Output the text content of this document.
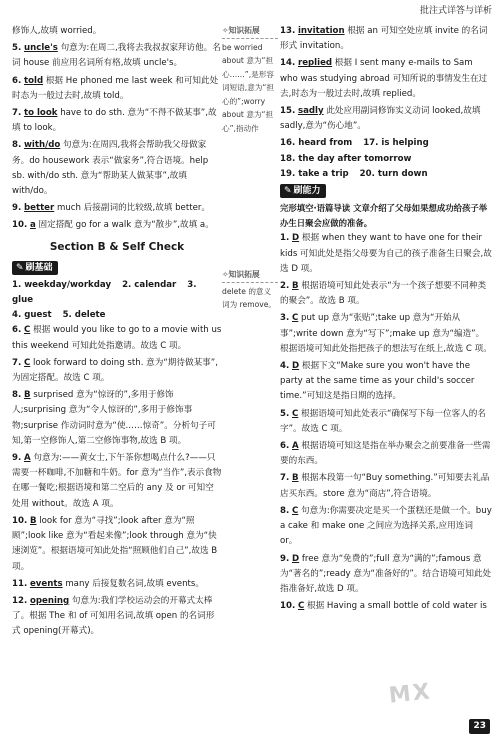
批注式详答与详析
修饰人,故填 worried。
5. uncle's 句意为:在周二,我将去我叔叔家拜访他。名词 house 前应用名词所有格,故填 uncle's。
6. told 根据 He phoned me last week 和可知此处时态为一般过去时,故填 told。
7. to look have to do sth. 意为“不得不做某事”,故填 to look。
8. with/do 句意为:在周四,我将会帮助我父母做家务。do housework 表示“做家务”,符合语境。help sb. with/do sth. 意为“帮助某人做某事”,故填 with/do。
9. better much 后接副词的比较级,故填 better。
10. a 固定搭配 go for a walk 意为“散步”,故填 a。
Section B & Self Check
✎ 刷基础
1. weekday/workday 2. calendar 3. glue
4. guest 5. delete
6. C 根据 would you like to go to a movie with us this weekend 可知此处指邀请。故选 C 项。
7. C look forward to doing sth. 意为“期待做某事”,为固定搭配。故选 C 项。
8. B surprised 意为“惊讶的”,多用于修饰人;surprising 意为“令人惊讶的”,多用于修饰事物;surprise 作动词时意为“使……惊奇”。分析句子可知,第一空修饰人,第二空修饰事物,故选 B 项。
9. A 句意为:——黄女士,下午茶你想喝点什么?——只需要一杯咖啡,不加糖和牛奶。for 意为“当作”,表示食物在哪一餐吃;根据语境和第二空后的 any 及 or 可知空处用 without。故选 A 项。
10. B look for 意为“寻找”;look after 意为“照顾”;look like 意为“看起来像”;look through 意为“快速浏览”。根据语境可知此处指“照顾他们自己”,故选 B 项。
11. events many 后接复数名词,故填 events。
12. opening 句意为:我们学校运动会的开幕式太棒了。根据 The 和 of 可知用名词,故填 open 的名词形式 opening(开幕式)。
✧知识拓展
be worried about 意为“担心……”,是形容词短语,意为“担心的”;worry about 意为“担心”,指动作
✧知识拓展
delete 的意义词为 remove。
13. invitation 根据 an 可知空处应填 invite 的名词形式 invitation。
14. replied 根据 I sent many e-mails to Sam who was studying abroad 可知所说的事情发生在过去,时态为一般过去时,故填 replied。
15. sadly 此处应用副词修饰实义动词 looked,故填 sadly,意为“伤心地”。
16. heard from 17. is helping
18. the day after tomorrow
19. take a trip 20. turn down
✎ 刷能力
完形填空·语篇导读 文章介绍了父母如果想成功给孩子举办生日聚会应做的准备。
1. D 根据 when they want to have one for their kids 可知此处是指父母要为自己的孩子准备生日聚会,故选 D 项。
2. B 根据语境可知此处表示“为一个孩子想要不同种类的聚会”。故选 B 项。
3. C put up 意为“张贴”;take up 意为“开始从事”;write down 意为“写下”;make up 意为“编造”。根据语境可知此处指把孩子的想法写在纸上,故选 C 项。
4. D 根据下文“Make sure you won't have the party at the same time as your child's soccer time.”可知这是指日期的选择。
5. C 根据语境可知此处表示“确保写下每一位客人的名字”。故选 C 项。
6. A 根据语境可知这是指在举办聚会之前要准备一些需要的东西。
7. B 根据本段第一句“Buy something.”可知要去礼品店买东西。store 意为“商店”,符合语境。
8. C 句意为:你需要决定是买一个蛋糕还是做一个。buy a cake 和 make one 之间应为选择关系,应用连词 or。
9. D free 意为“免费的”;full 意为“满的”;famous 意为“著名的”;ready 意为“准备好的”。结合语境可知此处指准备好,故选 D 项。
10. C 根据 Having a small bottle of cold water is
MX
23
